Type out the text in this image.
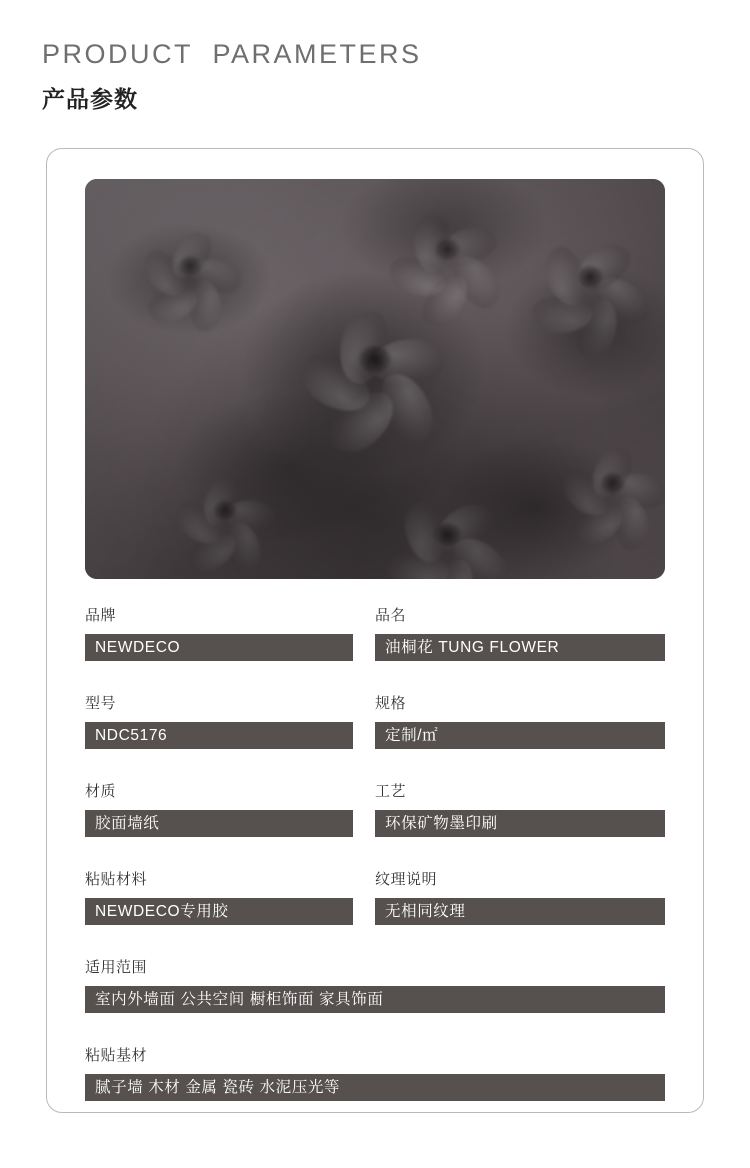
PRODUCT  PARAMETERS
产品参数
品牌
NEWDECO
品名
油桐花 TUNG FLOWER
型号
NDC5176
规格
定制/㎡
材质
胶面墙纸
工艺
环保矿物墨印刷
粘贴材料
NEWDECO专用胶
纹理说明
无相同纹理
适用范围
室内外墙面 公共空间 橱柜饰面 家具饰面
粘贴基材
腻子墙 木材 金属 瓷砖 水泥压光等
